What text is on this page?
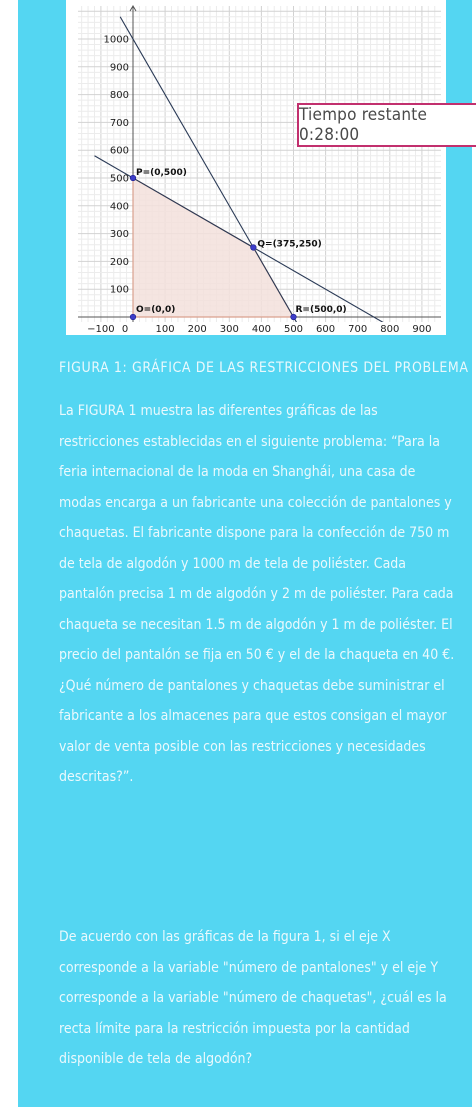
−100 0	100 200 300 400 500 600 700 800 900
100
200
300
400
500
600
700
800
900
1000
P=(0,500)
Q=(375,250)
O=(0,0)	R=(500,0)
Tiempo restante 0:28:00
FIGURA 1: GRÁFICA DE LAS RESTRICCIONES DEL PROBLEMA

La FIGURA 1 muestra las diferentes gráficas de las restricciones establecidas en el siguiente problema: “Para la feria internacional de la moda en Shanghái, una casa de modas encarga a un fabricante una colección de pantalones y chaquetas. El fabricante dispone para la confección de 750 m de tela de algodón y 1000 m de tela de poliéster. Cada pantalón precisa 1 m de algodón y 2 m de poliéster. Para cada chaqueta se necesitan 1.5 m de algodón y 1 m de poliéster. El precio del pantalón se fija en 50 € y el de la chaqueta en 40 €. ¿Qué número de pantalones y chaquetas debe suministrar el fabricante a los almacenes para que estos consigan el mayor valor de venta posible con las restricciones y necesidades descritas?”.

De acuerdo con las gráficas de la figura 1, si el eje X corresponde a la variable "número de pantalones" y el eje Y corresponde a la variable "número de chaquetas", ¿cuál es la recta límite para la restricción impuesta por la cantidad disponible de tela de algodón?
